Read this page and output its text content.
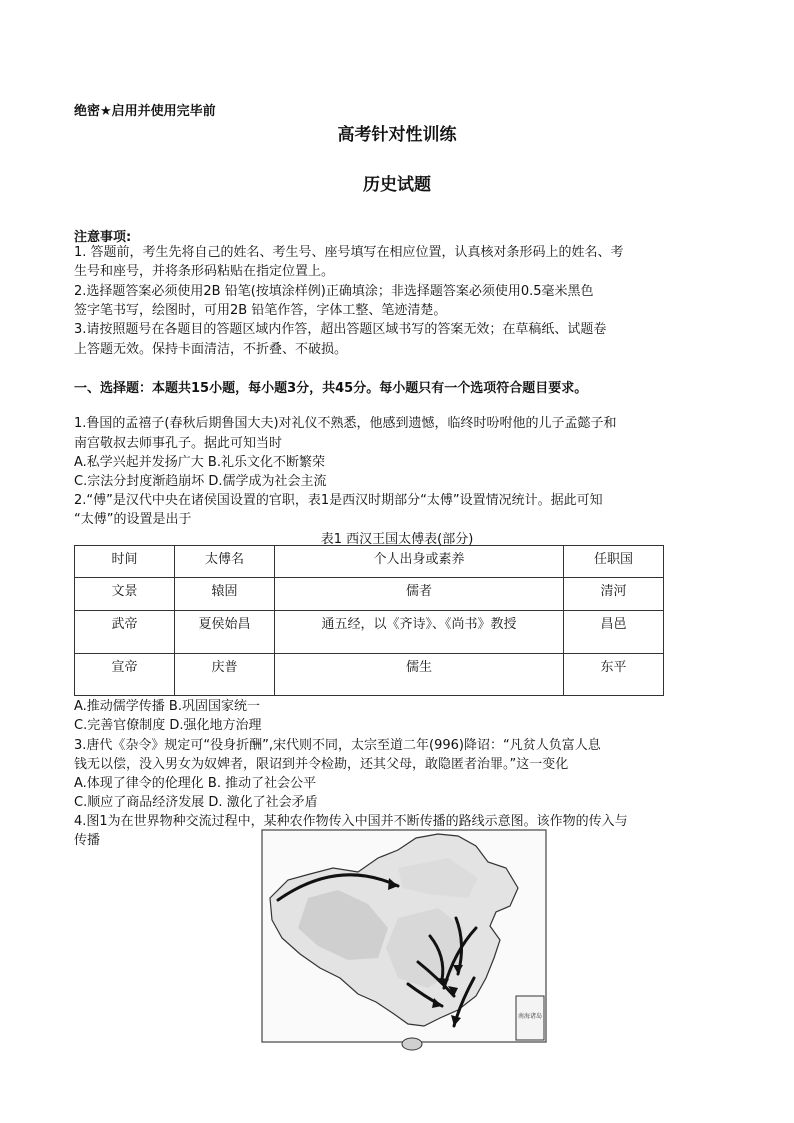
绝密★启用并使用完毕前
高考针对性训练
历史试题
注意事项:
1. 答题前，考生先将自己的姓名、考生号、座号填写在相应位置，认真核对条形码上的姓名、考
生号和座号，并将条形码粘贴在指定位置上。
2.选择题答案必须使用2B 铅笔(按填涂样例)正确填涂；非选择题答案必须使用0.5毫米黑色
签字笔书写，绘图时，可用2B 铅笔作答，字体工整、笔迹清楚。
3.请按照题号在各题目的答题区域内作答，超出答题区域书写的答案无效；在草稿纸、试题卷
上答题无效。保持卡面清洁，不折叠、不破损。
一、选择题：本题共15小题，每小题3分，共45分。每小题只有一个选项符合题目要求。
1.鲁国的孟禧子(春秋后期鲁国大夫)对礼仪不熟悉，他感到遗憾，临终时吩咐他的儿子孟懿子和
南宫敬叔去师事孔子。据此可知当时
A.私学兴起并发扬广大 B.礼乐文化不断繁荣
C.宗法分封度渐趋崩坏 D.儒学成为社会主流
2.“傅”是汉代中央在诸侯国设置的官职，表1是西汉时期部分“太傅”设置情况统计。据此可知
“太傅”的设置是出于
表1 西汉王国太傅表(部分)
时间	太傅名	个人出身或素养	任职国
文景	辕固	儒者	清河
武帝	夏侯始昌	通五经，以《齐诗》、《尚书》教授	昌邑
宣帝	庆普	儒生	东平
A.推动儒学传播 B.巩固国家统一
C.完善官僚制度 D.强化地方治理
3.唐代《杂令》规定可“役身折酬”,宋代则不同，太宗至道二年(996)降诏：“凡贫人负富人息
钱无以偿，没入男女为奴婢者，限诏到并令检勘，还其父母，敢隐匿者治罪。”这一变化
A.体现了律令的伦理化 B. 推动了社会公平
C.顺应了商品经济发展 D. 激化了社会矛盾
4.图1为在世界物种交流过程中，某种农作物传入中国并不断传播的路线示意图。该作物的传入与
传播
南海诸岛
